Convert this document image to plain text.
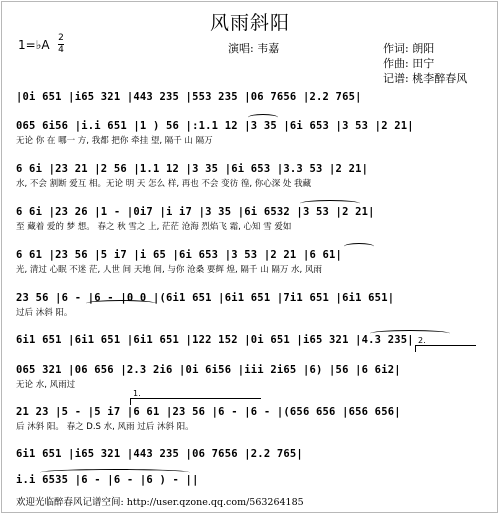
风雨斜阳
1=♭A 2
4	演唱: 韦嘉	作词: 朗阳
作曲: 田宁
记谱: 桃李醉春风
|0i 651 |i65 321 |443 235 |553 235 |06 7656 |2.2 765|
065 6i56 |i.i 651 |1 ) 56 |:1.1 12 |3 35 |6i 653 |3 53 |2 21|
无论 你 在 哪一 方, 我都 把你 牵挂 望, 隔千 山 隔万
6 6i |23 21 |2 56 |1.1 12 |3 35 |6i 653 |3.3 53 |2 21|
水, 不会 割断 爱互 相。无论 明 天 怎么 样, 再也 不会 变彷 徨, 你心深 处 我藏
6 6i |23 26 |1 - |0i7 |i i7 |3 35 |6i 6532 |3 53 |2 21|
至 藏着 爱的 梦 想。 春之 秋 雪之 上, 茫茫 沧海 烈焰飞 霜, 心知 雪 爱如
6 61 |23 56 |5 i7 |i 65 |6i 653 |3 53 |2 21 |6 61|
光, 清过 心眠 不迷 茫, 人世 间 天地 间, 与你 沧桑 要辉 煌, 隔千 山 隔万 水, 风雨
23 56 |6 - |6 - |0 0 |(6i1 651 |6i1 651 |7i1 651 |6i1 651|
过后 沐斜 阳。
6i1 651 |6i1 651 |6i1 651 |122 152 |0i 651 |i65 321 |4.3 235|
065 321 |06 656 |2.3 2i6 |0i 6i56 |iii 2i65 |6) |56 |6 6i2|
无论 水, 风雨过
1.
2.
21 23 |5 - |5 i7 |6 61 |23 56 |6 - |6 - |(656 656 |656 656|
后 沐斜 阳。 春之 D.S 水, 风雨 过后 沐斜 阳。
6i1 651 |i65 321 |443 235 |06 7656 |2.2 765|
i.i 6535 |6 - |6 - |6 ) - ||
欢迎光临醉春风记谱空间: http://user.qzone.qq.com/563264185
